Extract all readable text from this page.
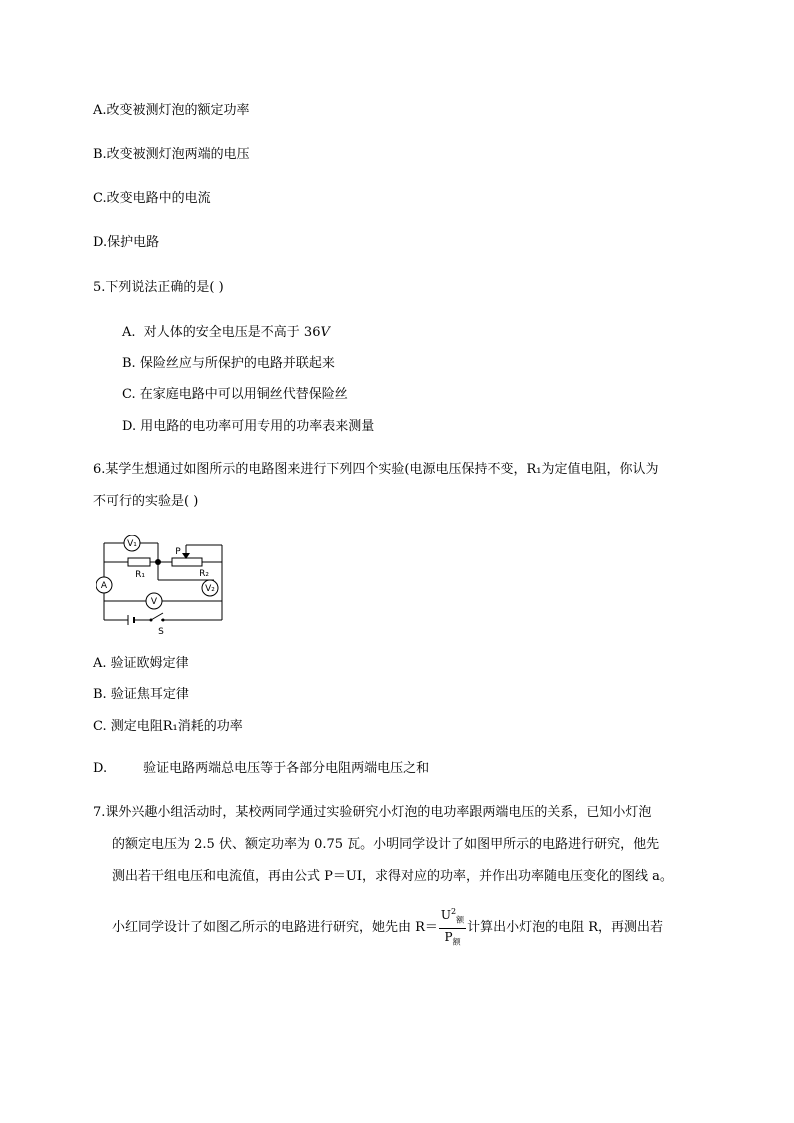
A.改变被测灯泡的额定功率
B.改变被测灯泡两端的电压
C.改变电路中的电流
D.保护电路
5.下列说法正确的是( )
A. 对人体的安全电压是不高于 36V
B. 保险丝应与所保护的电路并联起来
C. 在家庭电路中可以用铜丝代替保险丝
D. 用电路的电功率可用专用的功率表来测量
6.某学生想通过如图所示的电路图来进行下列四个实验(电源电压保持不变，R₁为定值电阻，你认为
不可行的实验是( )
V₁
A	V₂
V
P
R₁	R₂
S
A. 验证欧姆定律
B. 验证焦耳定律
C. 测定电阻R₁消耗的功率
D.	验证电路两端总电压等于各部分电阻两端电压之和
7.课外兴趣小组活动时，某校两同学通过实验研究小灯泡的电功率跟两端电压的关系，已知小灯泡
的额定电压为 2.5 伏、额定功率为 0.75 瓦。小明同学设计了如图甲所示的电路进行研究，他先
测出若干组电压和电流值，再由公式 P＝UI，求得对应的功率，并作出功率随电压变化的图线 a。
小红同学设计了如图乙所示的电路进行研究，她先由 $R= \frac{U^2_额}{P_额}$ 计算出小灯泡的电阻 R，再测出若
